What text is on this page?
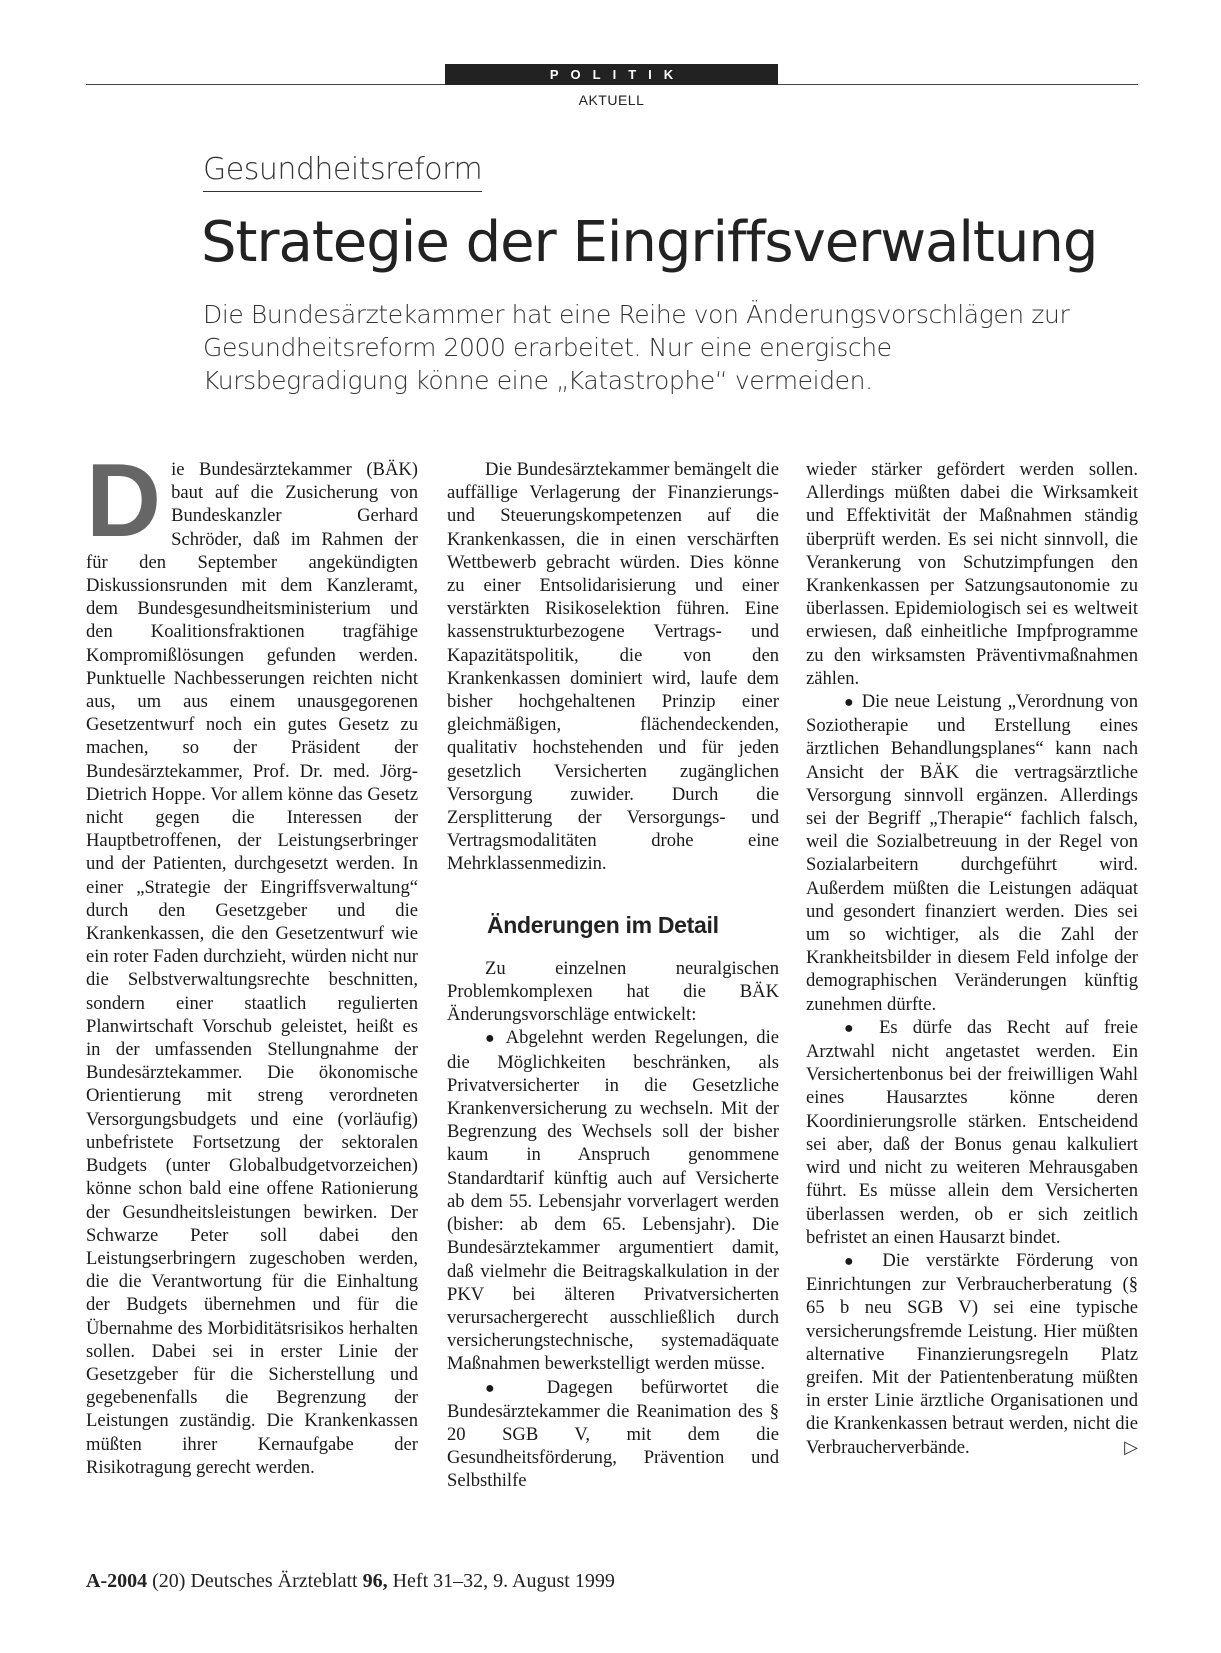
POLITIK
AKTUELL
Gesundheitsreform
Strategie der Eingriffsverwaltung

Die Bundesärztekammer hat eine Reihe von Änderungsvorschlägen zur Gesundheitsreform 2000 erarbeitet. Nur eine energische Kursbegradigung könne eine „Katastrophe“ vermeiden.

Die Bundesärztekammer (BÄK) baut auf die Zusicherung von Bundeskanzler Gerhard Schröder, daß im Rahmen der für den September angekündigten Diskussionsrunden mit dem Kanzleramt, dem Bundesgesundheitsministerium und den Koalitionsfraktionen tragfähige Kompromißlösungen gefunden werden. Punktuelle Nachbesserungen reichten nicht aus, um aus einem unausgegorenen Gesetzentwurf noch ein gutes Gesetz zu machen, so der Präsident der Bundesärztekammer, Prof. Dr. med. Jörg-Dietrich Hoppe. Vor allem könne das Gesetz nicht gegen die Interessen der Hauptbetroffenen, der Leistungserbringer und der Patienten, durchgesetzt werden. In einer „Strategie der Eingriffsverwaltung“ durch den Gesetzgeber und die Krankenkassen, die den Gesetzentwurf wie ein roter Faden durchzieht, würden nicht nur die Selbstverwaltungsrechte beschnitten, sondern einer staatlich regulierten Planwirtschaft Vorschub geleistet, heißt es in der umfassenden Stellungnahme der Bundesärztekammer. Die ökonomische Orientierung mit streng verordneten Versorgungsbudgets und eine (vorläufig) unbefristete Fortsetzung der sektoralen Budgets (unter Globalbudgetvorzeichen) könne schon bald eine offene Rationierung der Gesundheitsleistungen bewirken. Der Schwarze Peter soll dabei den Leistungserbringern zugeschoben werden, die die Verantwortung für die Einhaltung der Budgets übernehmen und für die Übernahme des Morbiditätsrisikos herhalten sollen. Dabei sei in erster Linie der Gesetzgeber für die Sicherstellung und gegebenenfalls die Begrenzung der Leistungen zuständig. Die Krankenkassen müßten ihrer Kernaufgabe der Risikotragung gerecht werden.

Die Bundesärztekammer bemängelt die auffällige Verlagerung der Finanzierungs- und Steuerungskompetenzen auf die Krankenkassen, die in einen verschärften Wettbewerb gebracht würden. Dies könne zu einer Entsolidarisierung und einer verstärkten Risikoselektion führen. Eine kassenstrukturbezogene Vertrags- und Kapazitätspolitik, die von den Krankenkassen dominiert wird, laufe dem bisher hochgehaltenen Prinzip einer gleichmäßigen, flächendeckenden, qualitativ hochstehenden und für jeden gesetzlich Versicherten zugänglichen Versorgung zuwider. Durch die Zersplitterung der Versorgungs- und Vertragsmodalitäten drohe eine Mehrklassenmedizin.

Änderungen im Detail

Zu einzelnen neuralgischen Problemkomplexen hat die BÄK Änderungsvorschläge entwickelt:

● Abgelehnt werden Regelungen, die die Möglichkeiten beschränken, als Privatversicherter in die Gesetzliche Krankenversicherung zu wechseln. Mit der Begrenzung des Wechsels soll der bisher kaum in Anspruch genommene Standardtarif künftig auch auf Versicherte ab dem 55. Lebensjahr vorverlagert werden (bisher: ab dem 65. Lebensjahr). Die Bundesärztekammer argumentiert damit, daß vielmehr die Beitragskalkulation in der PKV bei älteren Privatversicherten verursachergerecht ausschließlich durch versicherungstechnische, systemadäquate Maßnahmen bewerkstelligt werden müsse.

● Dagegen befürwortet die Bundesärztekammer die Reanimation des § 20 SGB V, mit dem die Gesundheitsförderung, Prävention und Selbsthilfe

wieder stärker gefördert werden sollen. Allerdings müßten dabei die Wirksamkeit und Effektivität der Maßnahmen ständig überprüft werden. Es sei nicht sinnvoll, die Verankerung von Schutzimpfungen den Krankenkassen per Satzungsautonomie zu überlassen. Epidemiologisch sei es weltweit erwiesen, daß einheitliche Impfprogramme zu den wirksamsten Präventivmaßnahmen zählen.

● Die neue Leistung „Verordnung von Soziotherapie und Erstellung eines ärztlichen Behandlungsplanes“ kann nach Ansicht der BÄK die vertragsärztliche Versorgung sinnvoll ergänzen. Allerdings sei der Begriff „Therapie“ fachlich falsch, weil die Sozialbetreuung in der Regel von Sozialarbeitern durchgeführt wird. Außerdem müßten die Leistungen adäquat und gesondert finanziert werden. Dies sei um so wichtiger, als die Zahl der Krankheitsbilder in diesem Feld infolge der demographischen Veränderungen künftig zunehmen dürfte.

● Es dürfe das Recht auf freie Arztwahl nicht angetastet werden. Ein Versichertenbonus bei der freiwilligen Wahl eines Hausarztes könne deren Koordinierungsrolle stärken. Entscheidend sei aber, daß der Bonus genau kalkuliert wird und nicht zu weiteren Mehrausgaben führt. Es müsse allein dem Versicherten überlassen werden, ob er sich zeitlich befristet an einen Hausarzt bindet.

● Die verstärkte Förderung von Einrichtungen zur Verbraucherberatung (§ 65 b neu SGB V) sei eine typische versicherungsfremde Leistung. Hier müßten alternative Finanzierungsregeln Platz greifen. Mit der Patientenberatung müßten in erster Linie ärztliche Organisationen und die Krankenkassen betraut werden, nicht die Verbraucherverbände.	▷

A-2004 (20) Deutsches Ärzteblatt 96, Heft 31–32, 9. August 1999
